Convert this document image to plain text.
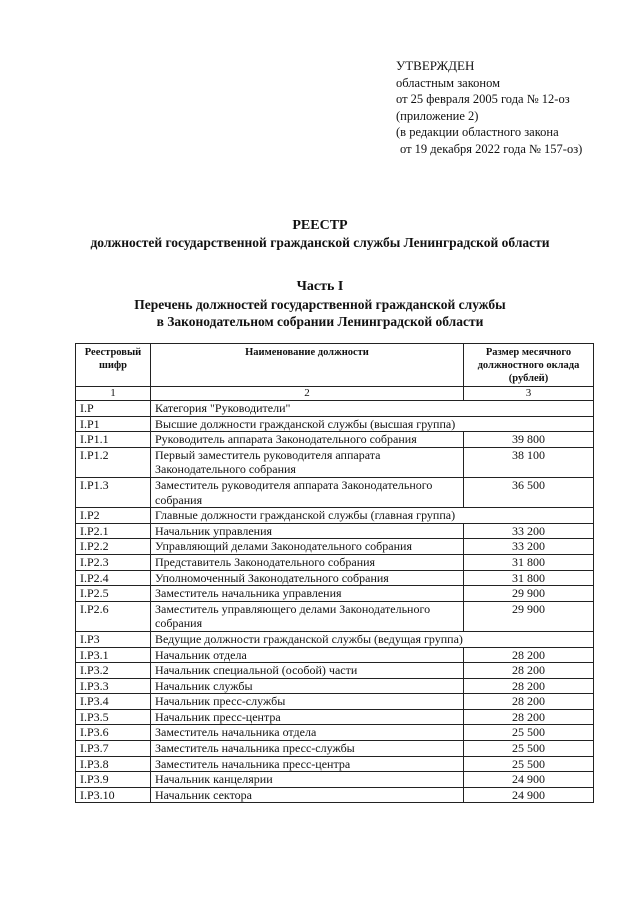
УТВЕРЖДЕН
областным законом
от 25 февраля 2005 года № 12-оз
(приложение 2)
(в редакции областного закона
от 19 декабря 2022 года № 157-оз)
РЕЕСТР
должностей государственной гражданской службы Ленинградской области
Часть I
Перечень должностей государственной гражданской службы
в Законодательном собрании Ленинградской области
Реестровый шифр	Наименование должности	Размер месячного должностного оклада (рублей)
1	2	3
I.P	Категория "Руководители"	
I.P1	Высшие должности гражданской службы (высшая группа)	
I.P1.1	Руководитель аппарата Законодательного собрания	39 800
I.P1.2	Первый заместитель руководителя аппарата Законодательного собрания	38 100
I.P1.3	Заместитель руководителя аппарата Законодательного собрания	36 500
I.P2	Главные должности гражданской службы (главная группа)	
I.P2.1	Начальник управления	33 200
I.P2.2	Управляющий делами Законодательного собрания	33 200
I.P2.3	Представитель Законодательного собрания	31 800
I.P2.4	Уполномоченный Законодательного собрания	31 800
I.P2.5	Заместитель начальника управления	29 900
I.P2.6	Заместитель управляющего делами Законодательного собрания	29 900
I.P3	Ведущие должности гражданской службы (ведущая группа)	
I.P3.1	Начальник отдела	28 200
I.P3.2	Начальник специальной (особой) части	28 200
I.P3.3	Начальник службы	28 200
I.P3.4	Начальник пресс-службы	28 200
I.P3.5	Начальник пресс-центра	28 200
I.P3.6	Заместитель начальника отдела	25 500
I.P3.7	Заместитель начальника пресс-службы	25 500
I.P3.8	Заместитель начальника пресс-центра	25 500
I.P3.9	Начальник канцелярии	24 900
I.P3.10	Начальник сектора	24 900
